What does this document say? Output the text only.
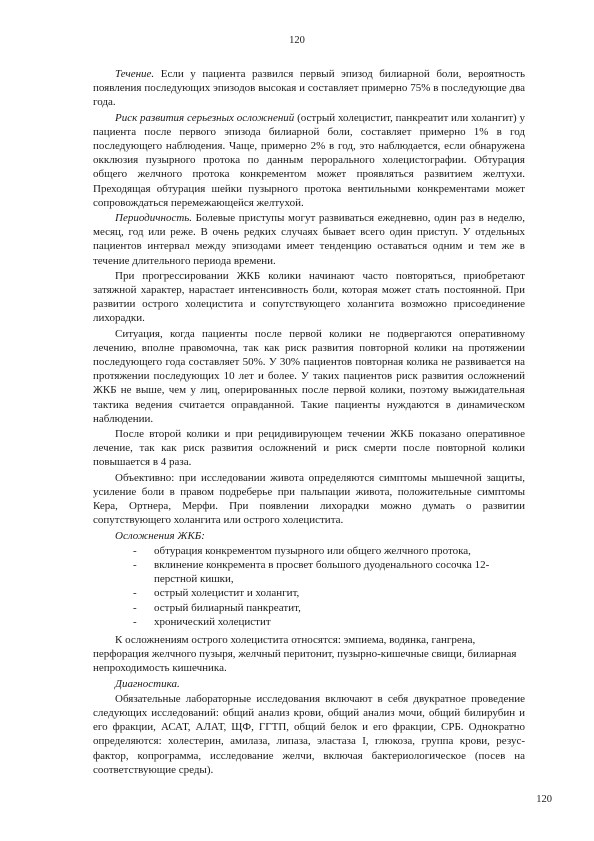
120

Течение. Если у пациента развился первый эпизод билиарной боли, вероятность появления последующих эпизодов высокая и составляет примерно 75% в последующие два года.

Риск развития серьезных осложнений (острый холецистит, панкреатит или холангит) у пациента после первого эпизода билиарной боли, составляет примерно 1% в год последующего наблюдения. Чаще, примерно 2% в год, это наблюдается, если обнаружена окклюзия пузырного протока по данным перорального холецистографии. Обтурация общего желчного протока конкрементом может проявляться развитием желтухи. Преходящая обтурация шейки пузырного протока вентильными конкрементами может сопровождаться перемежающейся желтухой.

Периодичность. Болевые приступы могут развиваться ежедневно, один раз в неделю, месяц, год или реже. В очень редких случаях бывает всего один приступ. У отдельных пациентов интервал между эпизодами имеет тенденцию оставаться одним и тем же в течение длительного периода времени.

При прогрессировании ЖКБ колики начинают часто повторяться, приобретают затяжной характер, нарастает интенсивность боли, которая может стать постоянной. При развитии острого холецистита и сопутствующего холангита возможно присоединение лихорадки.

Ситуация, когда пациенты после первой колики не подвергаются оперативному лечению, вполне правомочна, так как риск развития повторной колики на протяжении последующего года составляет 50%. У 30% пациентов повторная колика не развивается на протяжении последующих 10 лет и более. У таких пациентов риск развития осложнений ЖКБ не выше, чем у лиц, оперированных после первой колики, поэтому выжидательная тактика ведения считается оправданной. Такие пациенты нуждаются в динамическом наблюдении.

После второй колики и при рецидивирующем течении ЖКБ показано оперативное лечение, так как риск развития осложнений и риск смерти после повторной колики повышается в 4 раза.

Объективно: при исследовании живота определяются симптомы мышечной защиты, усиление боли в правом подреберье при пальпации живота, положительные симптомы Кера, Ортнера, Мерфи. При появлении лихорадки можно думать о развитии сопутствующего холангита или острого холецистита.

Осложнения ЖКБ:
- обтурация конкрементом пузырного или общего желчного протока,
- вклинение конкремента в просвет большого дуоденального сосочка 12-перстной кишки,
- острый холецистит и холангит,
- острый билиарный панкреатит,
- хронический холецистит

К осложнениям острого холецистита относятся: эмпиема, водянка, гангрена, перфорация желчного пузыря, желчный перитонит, пузырно-кишечные свищи, билиарная непроходимость кишечника.

Диагностика.

Обязательные лабораторные исследования включают в себя двукратное проведение следующих исследований: общий анализ крови, общий анализ мочи, общий билирубин и его фракции, АСАТ, АЛАТ, ЩФ, ГГТП, общий белок и его фракции, СРБ. Однократно определяются: холестерин, амилаза, липаза, эластаза I, глюкоза, группа крови, резус-фактор, копрограмма, исследование желчи, включая бактериологическое (посев на соответствующие среды).

120
